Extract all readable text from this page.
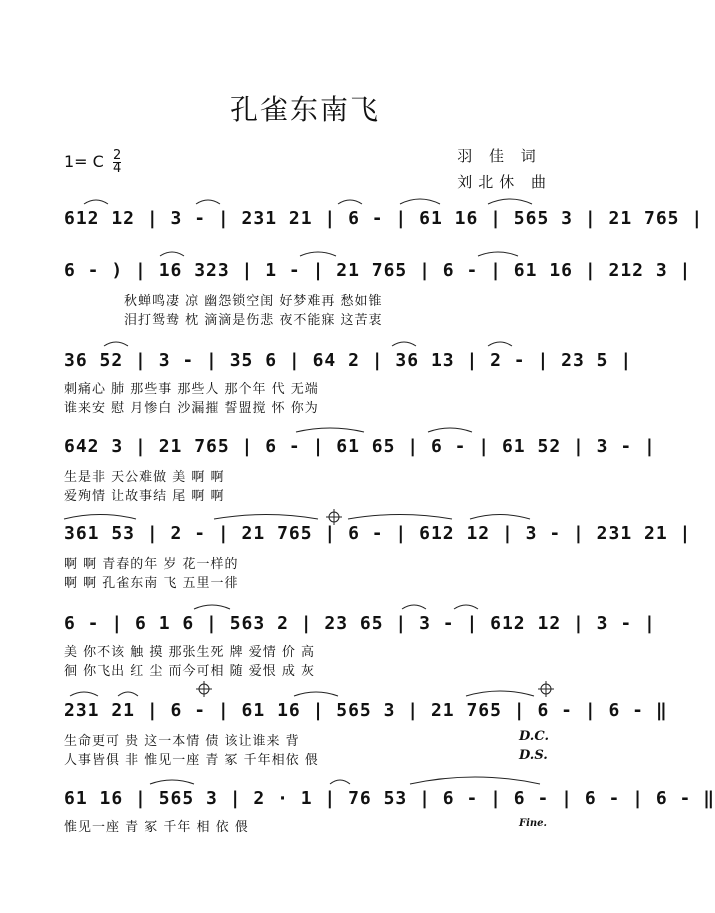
孔雀东南飞
1= C $\frac{2}{4}$	羽 佳 词
刘北休 曲
612 12 | 3 - | 231 21 | 6 - | 61 16 | 565 3 | 21 765 |
6 - ) | 16 323 | 1 - | 21 765 | 6 - | 61 16 | 212 3 |
秋蝉鸣凄 凉 幽怨锁空闺 好梦难再 愁如锥
泪打鸳鸯 枕 滴滴是伤悲 夜不能寐 这苦衷
36 52 | 3 - | 35 6 | 64 2 | 36 13 | 2 - | 23 5 |
刺痛心 肺 那些事 那些人 那个年 代 无端
谁来安 慰 月惨白 沙漏摧 誓盟搅 怀 你为
642 3 | 21 765 | 6 - | 61 65 | 6 - | 61 52 | 3 - |
生是非 天公难做 美 啊 啊
爱殉情 让故事结 尾 啊 啊
361 53 | 2 - | 21 765 | 6 - | 612 12 | 3 - | 231 21 |
啊 啊 青春的年 岁 花一样的
啊 啊 孔雀东南 飞 五里一徘
6 - | 6 1 6 | 563 2 | 23 65 | 3 - | 612 12 | 3 - |
美 你不该 触 摸 那张生死 牌 爱情 价 高
徊 你飞出 红 尘 而今可相 随 爱恨 成 灰
231 21 | 6 - | 61 16 | 565 3 | 21 765 | 6 - | 6 - ‖
生命更可 贵 这一本情 债 该让谁来 背
人事皆俱 非 惟见一座 青 冢 千年相依 偎
D.C.
D.S.
61 16 | 565 3 | 2 · 1 | 76 53 | 6 - | 6 - | 6 - | 6 - ‖
惟见一座 青 冢 千年 相 依 偎	Fine.
